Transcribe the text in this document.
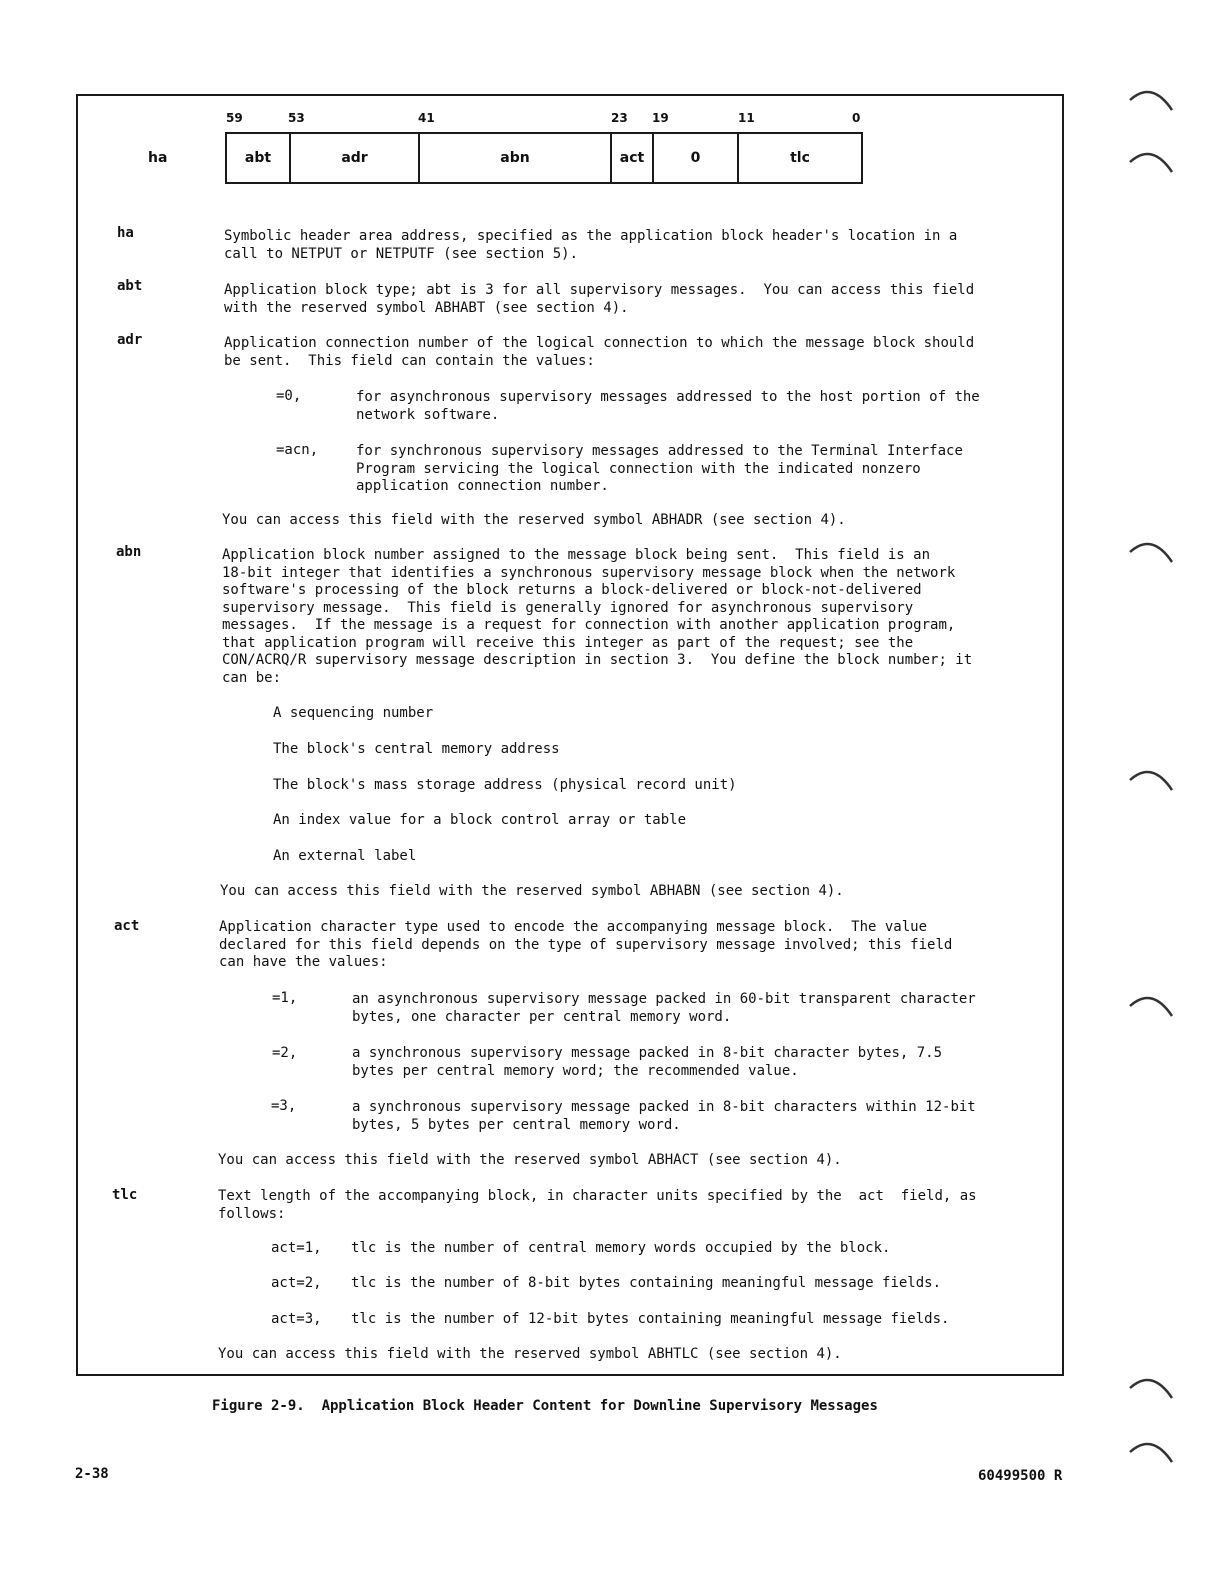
59	53	41	23 19	11	0
ha	abt	adr	abn	act	0	tlc
ha	Symbolic header area address, specified as the application block header's location in a
call to NETPUT or NETPUTF (see section 5).
abt	Application block type; abt is 3 for all supervisory messages.  You can access this field
with the reserved symbol ABHABT (see section 4).
adr	Application connection number of the logical connection to which the message block should
be sent.  This field can contain the values:
=0,	for asynchronous supervisory messages addressed to the host portion of the
network software.
=acn,	for synchronous supervisory messages addressed to the Terminal Interface
Program servicing the logical connection with the indicated nonzero
application connection number.
You can access this field with the reserved symbol ABHADR (see section 4).
abn	Application block number assigned to the message block being sent.  This field is an
18-bit integer that identifies a synchronous supervisory message block when the network
software's processing of the block returns a block-delivered or block-not-delivered
supervisory message.  This field is generally ignored for asynchronous supervisory
messages.  If the message is a request for connection with another application program,
that application program will receive this integer as part of the request; see the
CON/ACRQ/R supervisory message description in section 3.  You define the block number; it
can be:
A sequencing number
The block's central memory address
The block's mass storage address (physical record unit)
An index value for a block control array or table
An external label
You can access this field with the reserved symbol ABHABN (see section 4).
act	Application character type used to encode the accompanying message block.  The value
declared for this field depends on the type of supervisory message involved; this field
can have the values:
=1,	an asynchronous supervisory message packed in 60-bit transparent character
bytes, one character per central memory word.
=2,	a synchronous supervisory message packed in 8-bit character bytes, 7.5
bytes per central memory word; the recommended value.
=3,	a synchronous supervisory message packed in 8-bit characters within 12-bit
bytes, 5 bytes per central memory word.
You can access this field with the reserved symbol ABHACT (see section 4).
tlc	Text length of the accompanying block, in character units specified by the  act  field, as
follows:
act=1, tlc is the number of central memory words occupied by the block.
act=2, tlc is the number of 8-bit bytes containing meaningful message fields.
act=3, tlc is the number of 12-bit bytes containing meaningful message fields.
You can access this field with the reserved symbol ABHTLC (see section 4).
Figure 2-9.  Application Block Header Content for Downline Supervisory Messages
2-38	60499500 R
